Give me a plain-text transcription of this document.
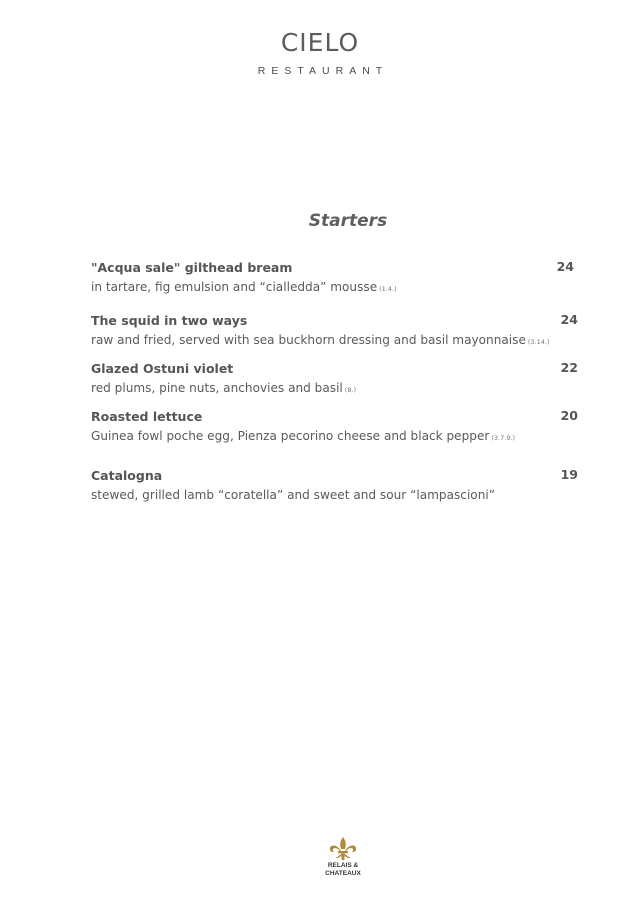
CIELO
RESTAURANT
Starters
"Acqua sale" gilthead bream	24
in tartare, fig emulsion and “cialledda” mousse (1.4.)
The squid in two ways	24
raw and fried, served with sea buckhorn dressing and basil mayonnaise (3.14.)
Glazed Ostuni violet	22
red plums, pine nuts, anchovies and basil (8.)
Roasted lettuce	20
Guinea fowl poche egg, Pienza pecorino cheese and black pepper (3.7.9.)
Catalogna	19
stewed, grilled lamb “coratella” and sweet and sour “lampascioni”
RELAIS &
CHATEAUX
